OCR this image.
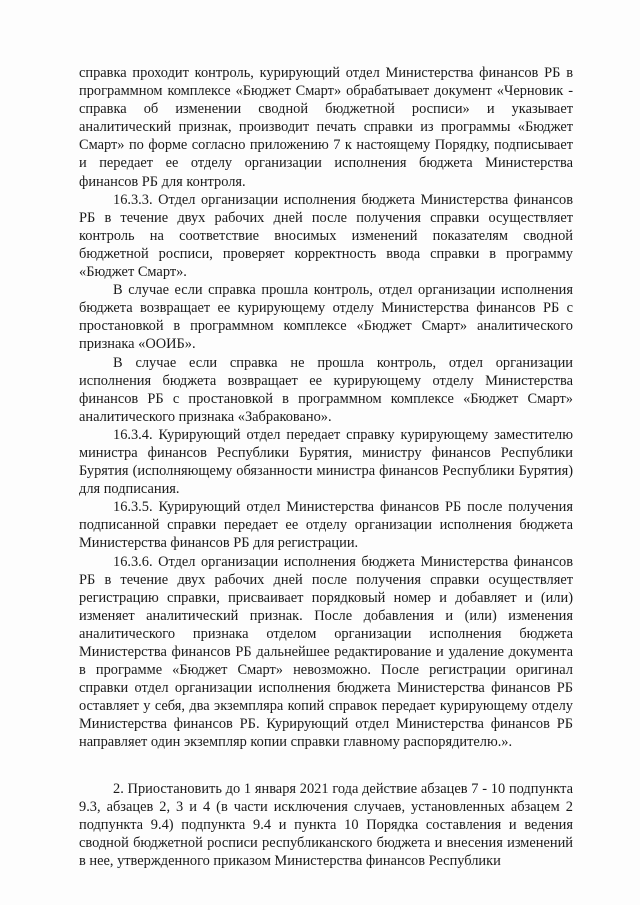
справка проходит контроль, курирующий отдел Министерства финансов РБ в программном комплексе «Бюджет Смарт» обрабатывает документ «Черновик - справка об изменении сводной бюджетной росписи» и указывает аналитический признак, производит печать справки из программы «Бюджет Смарт» по форме согласно приложению 7 к настоящему Порядку, подписывает и передает ее отделу организации исполнения бюджета Министерства финансов РБ для контроля.

16.3.3. Отдел организации исполнения бюджета Министерства финансов РБ в течение двух рабочих дней после получения справки осуществляет контроль на соответствие вносимых изменений показателям сводной бюджетной росписи, проверяет корректность ввода справки в программу «Бюджет Смарт».

В случае если справка прошла контроль, отдел организации исполнения бюджета возвращает ее курирующему отделу Министерства финансов РБ с простановкой в программном комплексе «Бюджет Смарт» аналитического признака «ООИБ».

В случае если справка не прошла контроль, отдел организации исполнения бюджета возвращает ее курирующему отделу Министерства финансов РБ с простановкой в программном комплексе «Бюджет Смарт» аналитического признака «Забраковано».

16.3.4. Курирующий отдел передает справку курирующему заместителю министра финансов Республики Бурятия, министру финансов Республики Бурятия (исполняющему обязанности министра финансов Республики Бурятия) для подписания.

16.3.5. Курирующий отдел Министерства финансов РБ после получения подписанной справки передает ее отделу организации исполнения бюджета Министерства финансов РБ для регистрации.

16.3.6. Отдел организации исполнения бюджета Министерства финансов РБ в течение двух рабочих дней после получения справки осуществляет регистрацию справки, присваивает порядковый номер и добавляет и (или) изменяет аналитический признак. После добавления и (или) изменения аналитического признака отделом организации исполнения бюджета Министерства финансов РБ дальнейшее редактирование и удаление документа в программе «Бюджет Смарт» невозможно. После регистрации оригинал справки отдел организации исполнения бюджета Министерства финансов РБ оставляет у себя, два экземпляра копий справок передает курирующему отделу Министерства финансов РБ. Курирующий отдел Министерства финансов РБ направляет один экземпляр копии справки главному распорядителю.».

2. Приостановить до 1 января 2021 года действие абзацев 7 - 10 подпункта 9.3, абзацев 2, 3 и 4 (в части исключения случаев, установленных абзацем 2 подпункта 9.4) подпункта 9.4 и пункта 10 Порядка составления и ведения сводной бюджетной росписи республиканского бюджета и внесения изменений в нее, утвержденного приказом Министерства финансов Республики
